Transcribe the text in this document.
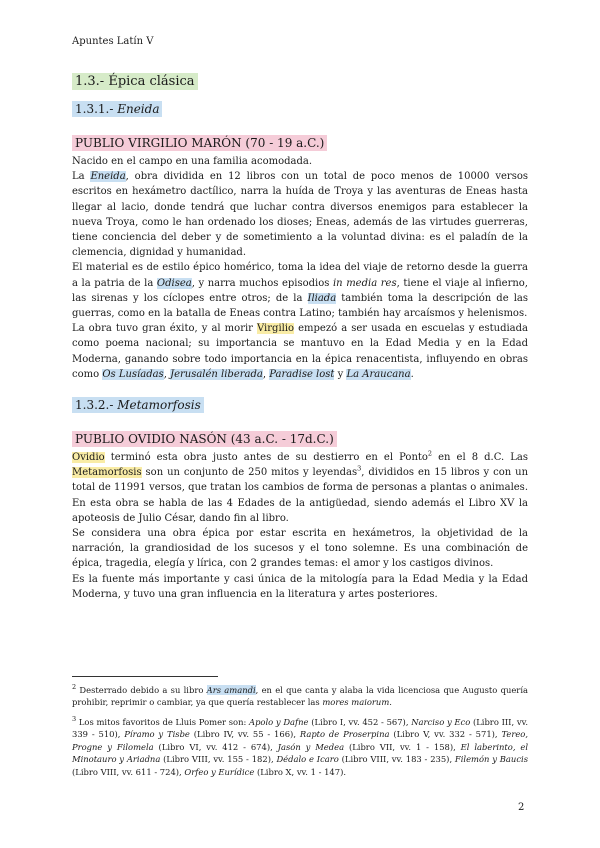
Apuntes Latín V
1.3.- Épica clásica
1.3.1.- Eneida
PUBLIO VIRGILIO MARÓN (70 - 19 a.C.)

Nacido en el campo en una familia acomodada.

La Eneida, obra dividida en 12 libros con un total de poco menos de 10000 versos escritos en hexámetro dactílico, narra la huída de Troya y las aventuras de Eneas hasta llegar al lacio, donde tendrá que luchar contra diversos enemigos para establecer la nueva Troya, como le han ordenado los dioses; Eneas, además de las virtudes guerreras, tiene conciencia del deber y de sometimiento a la voluntad divina: es el paladín de la clemencia, dignidad y humanidad.

El material es de estilo épico homérico, toma la idea del viaje de retorno desde la guerra a la patria de la Odisea, y narra muchos episodios in media res, tiene el viaje al infierno, las sirenas y los cíclopes entre otros; de la Iliada también toma la descripción de las guerras, como en la batalla de Eneas contra Latino; también hay arcaísmos y helenismos.

La obra tuvo gran éxito, y al morir Virgilio empezó a ser usada en escuelas y estudiada como poema nacional; su importancia se mantuvo en la Edad Media y en la Edad Moderna, ganando sobre todo importancia en la épica renacentista, influyendo en obras como Os Lusíadas, Jerusalén liberada, Paradise lost y La Araucana.

1.3.2.- Metamorfosis
PUBLIO OVIDIO NASÓN (43 a.C. - 17d.C.)

Ovidio terminó esta obra justo antes de su destierro en el Ponto$^2$ en el 8 d.C. Las Metamorfosis son un conjunto de 250 mitos y leyendas$^3$, divididos en 15 libros y con un total de 11991 versos, que tratan los cambios de forma de personas a plantas o animales. En esta obra se habla de las 4 Edades de la antigüedad, siendo además el Libro XV la apoteosis de Julio César, dando fin al libro.

Se considera una obra épica por estar escrita en hexámetros, la objetividad de la narración, la grandiosidad de los sucesos y el tono solemne. Es una combinación de épica, tragedia, elegía y lírica, con 2 grandes temas: el amor y los castigos divinos.

Es la fuente más importante y casi única de la mitología para la Edad Media y la Edad Moderna, y tuvo una gran influencia en la literatura y artes posteriores.

$^2$ Desterrado debido a su libro Ars amandi, en el que canta y alaba la vida licenciosa que Augusto quería prohibir, reprimir o cambiar, ya que quería restablecer las mores maiorum.
$^3$ Los mitos favoritos de Lluis Pomer son: Apolo y Dafne (Libro I, vv. 452 - 567), Narciso y Eco (Libro III, vv. 339 - 510), Píramo y Tisbe (Libro IV, vv. 55 - 166), Rapto de Proserpina (Libro V, vv. 332 - 571), Tereo, Progne y Filomela (Libro VI, vv. 412 - 674), Jasón y Medea (Libro VII, vv. 1 - 158), El laberinto, el Minotauro y Ariadna (Libro VIII, vv. 155 - 182), Dédalo e Icaro (Libro VIII, vv. 183 - 235), Filemón y Baucis (Libro VIII, vv. 611 - 724), Orfeo y Eurídice (Libro X, vv. 1 - 147).
2
